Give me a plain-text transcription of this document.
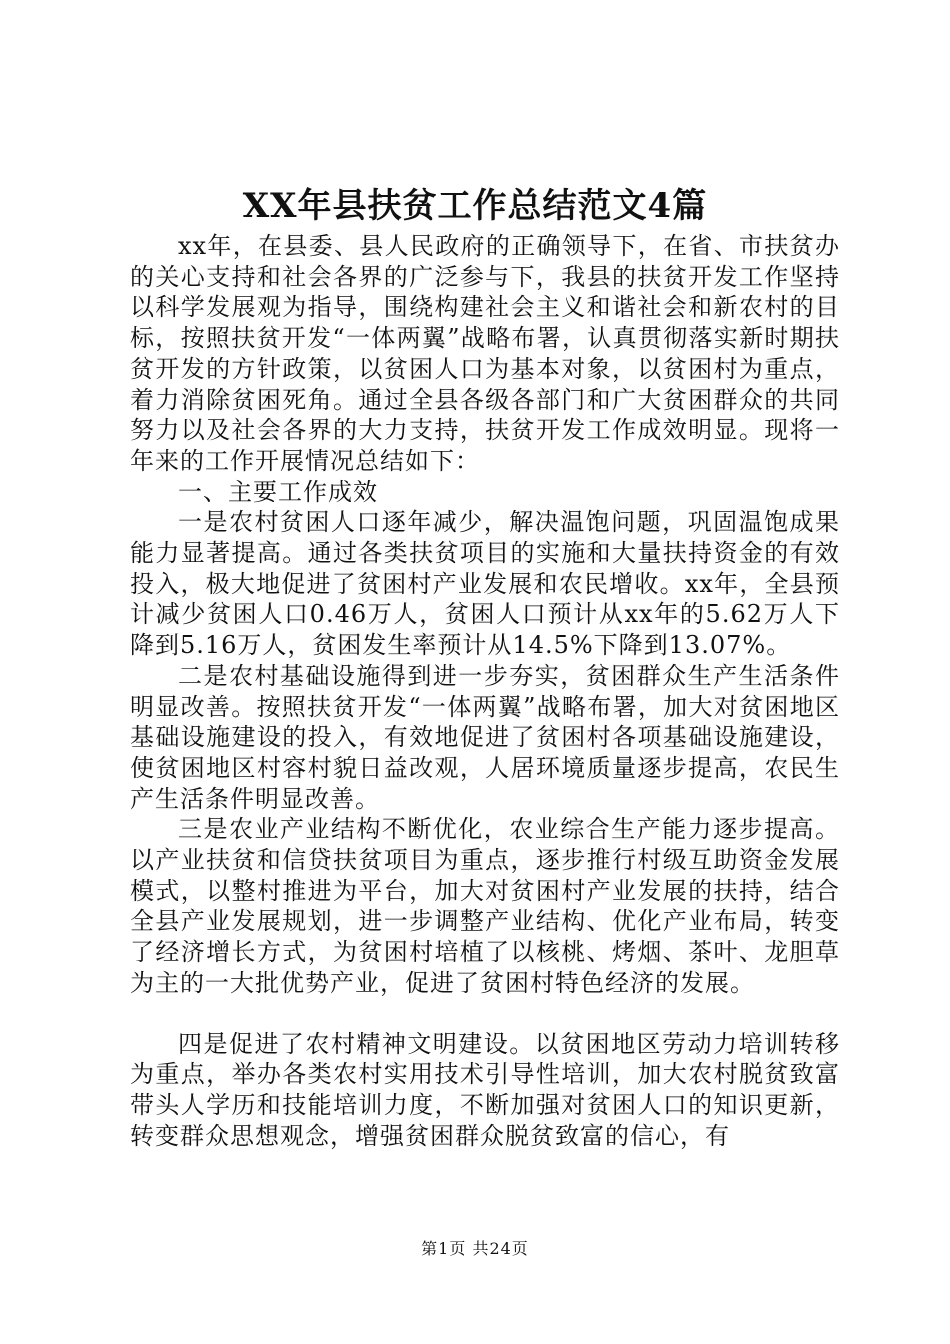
XX年县扶贫工作总结范文4篇

xx年，在县委、县人民政府的正确领导下，在省、市扶贫办的关心支持和社会各界的广泛参与下，我县的扶贫开发工作坚持以科学发展观为指导，围绕构建社会主义和谐社会和新农村的目标，按照扶贫开发“一体两翼”战略布署，认真贯彻落实新时期扶贫开发的方针政策，以贫困人口为基本对象，以贫困村为重点，着力消除贫困死角。通过全县各级各部门和广大贫困群众的共同努力以及社会各界的大力支持，扶贫开发工作成效明显。现将一年来的工作开展情况总结如下：

一、主要工作成效

一是农村贫困人口逐年减少，解决温饱问题，巩固温饱成果能力显著提高。通过各类扶贫项目的实施和大量扶持资金的有效投入，极大地促进了贫困村产业发展和农民增收。xx年，全县预计减少贫困人口0.46万人，贫困人口预计从xx年的5.62万人下降到5.16万人，贫困发生率预计从14.5%下降到13.07%。

二是农村基础设施得到进一步夯实，贫困群众生产生活条件明显改善。按照扶贫开发“一体两翼”战略布署，加大对贫困地区基础设施建设的投入，有效地促进了贫困村各项基础设施建设，使贫困地区村容村貌日益改观，人居环境质量逐步提高，农民生产生活条件明显改善。

三是农业产业结构不断优化，农业综合生产能力逐步提高。以产业扶贫和信贷扶贫项目为重点，逐步推行村级互助资金发展模式，以整村推进为平台，加大对贫困村产业发展的扶持，结合全县产业发展规划，进一步调整产业结构、优化产业布局，转变了经济增长方式，为贫困村培植了以核桃、烤烟、茶叶、龙胆草为主的一大批优势产业，促进了贫困村特色经济的发展。

四是促进了农村精神文明建设。以贫困地区劳动力培训转移为重点，举办各类农村实用技术引导性培训，加大农村脱贫致富带头人学历和技能培训力度，不断加强对贫困人口的知识更新，转变群众思想观念，增强贫困群众脱贫致富的信心，有

第1页 共24页
